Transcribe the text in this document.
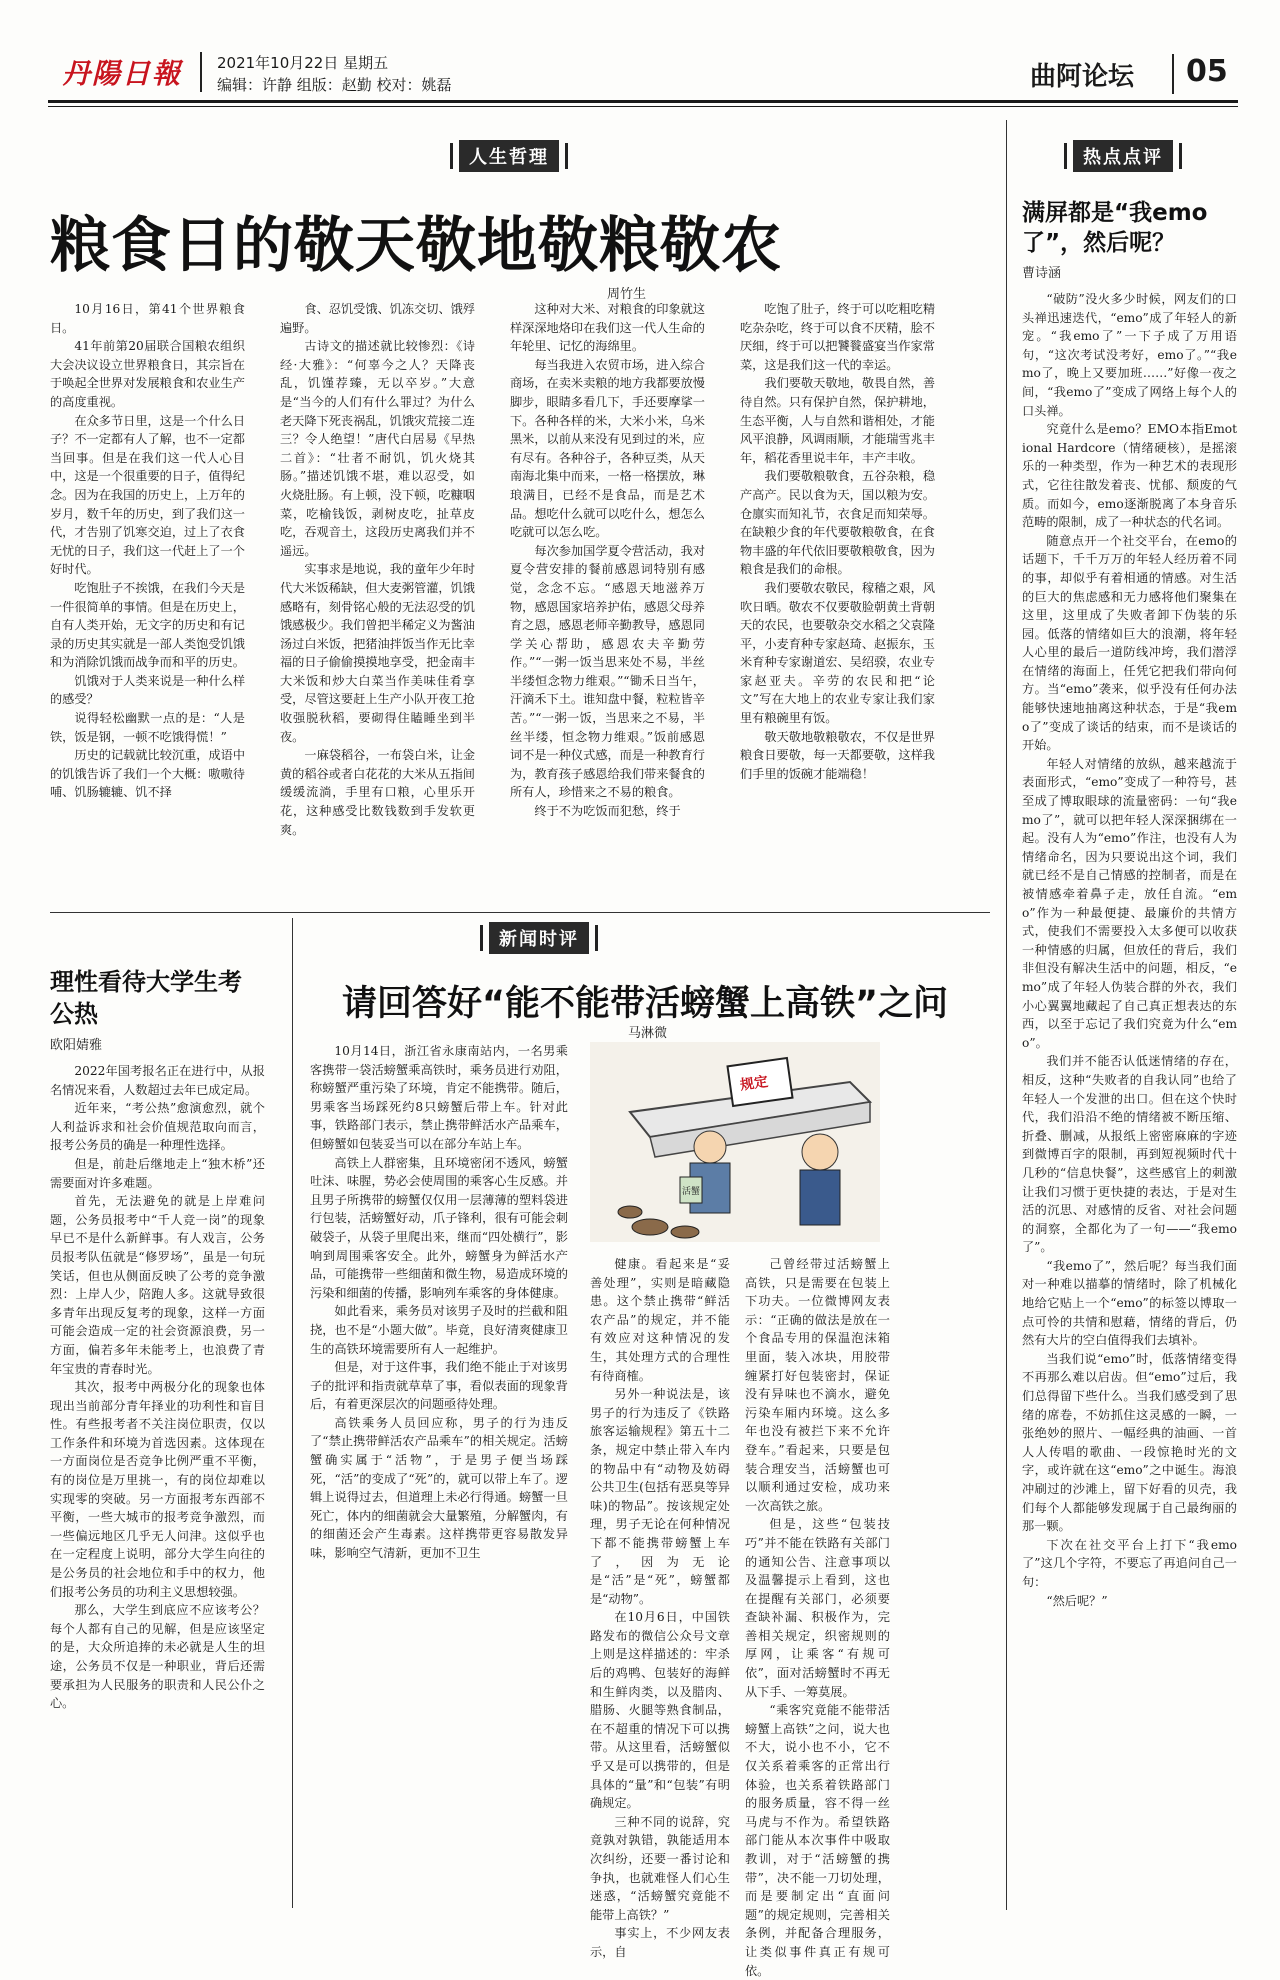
丹陽日報 2021年10月22日 星期五
编辑：许静 组版：赵勤 校对：姚磊	曲阿论坛 05
人生哲理
粮食日的敬天敬地敬粮敬农
周竹生

10月16日，第41个世界粮食日。

41年前第20届联合国粮农组织大会决议设立世界粮食日，其宗旨在于唤起全世界对发展粮食和农业生产的高度重视。

在众多节日里，这是一个什么日子？不一定都有人了解，也不一定都当回事。但是在我们这一代人心目中，这是一个很重要的日子，值得纪念。因为在我国的历史上，上万年的岁月，数千年的历史，到了我们这一代，才告别了饥寒交迫，过上了衣食无忧的日子，我们这一代赶上了一个好时代。

吃饱肚子不挨饿，在我们今天是一件很简单的事情。但是在历史上，自有人类开始，无文字的历史和有记录的历史其实就是一部人类饱受饥饿和为消除饥饿而战争而和平的历史。

饥饿对于人类来说是一种什么样的感受？

说得轻松幽默一点的是：“人是铁，饭是钢，一顿不吃饿得慌！”

历史的记载就比较沉重，成语中的饥饿告诉了我们一个大概：嗷嗷待哺、饥肠辘辘、饥不择

食、忍饥受饿、饥冻交切、饿殍遍野。

古诗文的描述就比较惨烈：《诗经·大雅》：“何辜今之人？天降丧乱，饥馑荐臻，无以卒岁。”大意是“当今的人们有什么罪过？为什么老天降下死丧祸乱，饥饿灾荒接二连三？令人绝望！”唐代白居易《早热二首》：“壮者不耐饥，饥火烧其肠。”描述饥饿不堪，难以忍受，如火烧肚肠。有上顿，没下顿，吃糠咽菜，吃榆钱饭，剥树皮吃，扯草皮吃，吞观音土，这段历史离我们并不遥远。

实事求是地说，我的童年少年时代大米饭稀缺，但大麦粥管灌，饥饿感略有，刻骨铭心般的无法忍受的饥饿感极少。我们曾把半稀定义为酱油汤过白米饭，把猪油拌饭当作无比幸福的日子偷偷摸摸地享受，把金南丰大米饭和炒大白菜当作美味佳肴享受，尽管这要赶上生产小队开夜工抢收强脱秋稻，要砌得住瞌睡坐到半夜。

一麻袋稻谷，一布袋白米，让金黄的稻谷或者白花花的大米从五指间缓缓流淌，手里有口粮，心里乐开花，这种感受比数钱数到手发软更爽。

这种对大米、对粮食的印象就这样深深地烙印在我们这一代人生命的年轮里、记忆的海绵里。

每当我进入农贸市场，进入综合商场，在卖米卖粮的地方我都要放慢脚步，眼睛多看几下，手还要摩挲一下。各种各样的米，大米小米，乌米黑米，以前从来没有见到过的米，应有尽有。各种谷子，各种豆类，从天南海北集中而来，一格一格摆放，琳琅满目，已经不是食品，而是艺术品。想吃什么就可以吃什么，想怎么吃就可以怎么吃。

每次参加国学夏令营活动，我对夏令营安排的餐前感恩词特别有感觉，念念不忘。“感恩天地滋养万物，感恩国家培养护佑，感恩父母养育之恩，感恩老师辛勤教导，感恩同学关心帮助，感恩农夫辛勤劳作。”“一粥一饭当思来处不易，半丝半缕恒念物力维艰。”“锄禾日当午，汗滴禾下土。谁知盘中餐，粒粒皆辛苦。”“一粥一饭，当思来之不易，半丝半缕，恒念物力维艰。”饭前感恩词不是一种仪式感，而是一种教育行为，教育孩子感恩给我们带来餐食的所有人，珍惜来之不易的粮食。

终于不为吃饭而犯愁，终于

吃饱了肚子，终于可以吃粗吃精吃杂杂吃，终于可以食不厌精，脍不厌细，终于可以把饕餮盛宴当作家常菜，这是我们这一代的幸运。

我们要敬天敬地，敬畏自然，善待自然。只有保护自然，保护耕地，生态平衡，人与自然和谐相处，才能风平浪静，风调雨顺，才能瑞雪兆丰年，稻花香里说丰年，丰产丰收。

我们要敬粮敬食，五谷杂粮，稳产高产。民以食为天，国以粮为安。仓廪实而知礼节，衣食足而知荣辱。在缺粮少食的年代要敬粮敬食，在食物丰盛的年代依旧要敬粮敬食，因为粮食是我们的命根。

我们要敬农敬民，稼穑之艰，风吹日晒。敬农不仅要敬脸朝黄土背朝天的农民，也要敬杂交水稻之父袁隆平，小麦育种专家赵琦、赵振东，玉米育种专家谢道宏、吴绍骙，农业专家赵亚夫。辛劳的农民和把“论文”写在大地上的农业专家让我们家里有粮碗里有饭。

敬天敬地敬粮敬农，不仅是世界粮食日要敬，每一天都要敬，这样我们手里的饭碗才能端稳！

热点点评
满屏都是“我emo了”，然后呢？
曹诗涵

“破防”没火多少时候，网友们的口头禅迅速迭代，“emo”成了年轻人的新宠。“我emo了”一下子成了万用语句，“这次考试没考好，emo了。”“我emo了，晚上又要加班……”好像一夜之间，“我emo了”变成了网络上每个人的口头禅。

究竟什么是emo？EMO本指Emotional Hardcore（情绪硬核），是摇滚乐的一种类型，作为一种艺术的表现形式，它往往散发着丧、忧郁、颓废的气质。而如今，emo逐渐脱离了本身音乐范畴的限制，成了一种状态的代名词。

随意点开一个社交平台，在emo的话题下，千千万万的年轻人经历着不同的事，却似乎有着相通的情感。对生活的巨大的焦虑感和无力感将他们聚集在这里，这里成了失败者卸下伪装的乐园。低落的情绪如巨大的浪潮，将年轻人心里的最后一道防线冲垮，我们潜浮在情绪的海面上，任凭它把我们带向何方。当“emo”袭来，似乎没有任何办法能够快速地抽离这种状态，于是“我emo了”变成了谈话的结束，而不是谈话的开始。

年轻人对情绪的放纵，越来越流于表面形式，“emo”变成了一种符号，甚至成了博取眼球的流量密码：一句“我emo了”，就可以把年轻人深深捆绑在一起。没有人为“emo”作注，也没有人为情绪命名，因为只要说出这个词，我们就已经不是自己情感的控制者，而是在被情感牵着鼻子走，放任自流。“emo”作为一种最便捷、最廉价的共情方式，使我们不需要投入太多便可以收获一种情感的归属，但放任的背后，我们非但没有解决生活中的问题，相反，“emo”成了年轻人伪装合群的外衣，我们小心翼翼地藏起了自己真正想表达的东西，以至于忘记了我们究竟为什么“emo”。

我们并不能否认低迷情绪的存在，相反，这种“失败者的自我认同”也给了年轻人一个发泄的出口。但在这个快时代，我们沿沿不绝的情绪被不断压缩、折叠、删减，从报纸上密密麻麻的字迹到微博百字的限制，再到短视频时代十几秒的“信息快餐”，这些感官上的刺激让我们习惯于更快捷的表达，于是对生活的沉思、对感情的反省、对社会问题的洞察，全都化为了一句——“我emo了”。

“我emo了”，然后呢？每当我们面对一种难以描摹的情绪时，除了机械化地给它贴上一个“emo”的标签以博取一点可怜的共情和慰藉，情绪的背后，仍然有大片的空白值得我们去填补。

当我们说“emo”时，低落情绪变得不再那么难以启齿。但“emo”过后，我们总得留下些什么。当我们感受到了思绪的席卷，不妨抓住这灵感的一瞬，一张绝妙的照片、一幅经典的油画、一首人人传唱的歌曲、一段惊艳时光的文字，或许就在这“emo”之中诞生。海浪冲刷过的沙滩上，留下好看的贝壳，我们每个人都能够发现属于自己最绚丽的那一颗。

下次在社交平台上打下“我emo了”这几个字符，不要忘了再追问自己一句：

“然后呢？”

理性看待大学生考公热
欧阳婧雅

2022年国考报名正在进行中，从报名情况来看，人数超过去年已成定局。

近年来，“考公热”愈演愈烈，就个人利益诉求和社会价值规范取向而言，报考公务员的确是一种理性选择。

但是，前赴后继地走上“独木桥”还需要面对许多难题。

首先，无法避免的就是上岸难问题，公务员报考中“千人竞一岗”的现象早已不是什么新鲜事。有人戏言，公务员报考队伍就是“修罗场”，虽是一句玩笑话，但也从侧面反映了公考的竞争激烈：上岸人少，陪跑人多。这就导致很多青年出现反复考的现象，这样一方面可能会造成一定的社会资源浪费，另一方面，偏若多年未能考上，也浪费了青年宝贵的青春时光。

其次，报考中两极分化的现象也体现出当前部分青年择业的功利性和盲目性。有些报考者不关注岗位职责，仅以工作条件和环境为首选因素。这体现在一方面岗位是否竞争比例严重不平衡，有的岗位是万里挑一，有的岗位却难以实现零的突破。另一方面报考东西部不平衡，一些大城市的报考竞争激烈，而一些偏远地区几乎无人问津。这似乎也在一定程度上说明，部分大学生向往的是公务员的社会地位和手中的权力，他们报考公务员的功利主义思想较强。

那么，大学生到底应不应该考公？每个人都有自己的见解，但是应该坚定的是，大众所追捧的未必就是人生的坦途，公务员不仅是一种职业，背后还需要承担为人民服务的职责和人民公仆之心。

新闻时评
请回答好“能不能带活螃蟹上高铁”之问
马淋微

10月14日，浙江省永康南站内，一名男乘客携带一袋活螃蟹乘高铁时，乘务员进行劝阻，称螃蟹严重污染了环境，肯定不能携带。随后，男乘客当场踩死约8只螃蟹后带上车。针对此事，铁路部门表示，禁止携带鲜活水产品乘车，但螃蟹如包装妥当可以在部分车站上车。

高铁上人群密集，且环境密闭不透风，螃蟹吐沫、味腥，势必会使周围的乘客心生反感。并且男子所携带的螃蟹仅仅用一层薄薄的塑料袋进行包装，活螃蟹好动，爪子锋利，很有可能会刺破袋子，从袋子里爬出来，继而“四处横行”，影响到周围乘客安全。此外，螃蟹身为鲜活水产品，可能携带一些细菌和微生物，易造成环境的污染和细菌的传播，影响列车乘客的身体健康。

如此看来，乘务员对该男子及时的拦截和阻挠，也不是“小题大做”。毕竟，良好清爽健康卫生的高铁环境需要所有人一起维护。

但是，对于这件事，我们绝不能止于对该男子的批评和指责就草草了事，看似表面的现象背后，有着更深层次的问题亟待处理。

高铁乘务人员回应称，男子的行为违反了“禁止携带鲜活农产品乘车”的相关规定。活螃蟹确实属于“活物”，于是男子便当场踩死，“活”的变成了“死”的，就可以带上车了。逻辑上说得过去，但道理上未必行得通。螃蟹一旦死亡，体内的细菌就会大量繁殖，分解蟹肉，有的细菌还会产生毒素。这样携带更容易散发异味，影响空气清新，更加不卫生

规定
活蟹

健康。看起来是“妥善处理”，实则是暗藏隐患。这个禁止携带“鲜活农产品”的规定，并不能有效应对这种情况的发生，其处理方式的合理性有待商榷。

另外一种说法是，该男子的行为违反了《铁路旅客运输规程》第五十二条，规定中禁止带入车内的物品中有“动物及妨碍公共卫生(包括有恶臭等异味)的物品”。按该规定处理，男子无论在何种情况下都不能携带螃蟹上车了，因为无论是“活”是“死”，螃蟹都是“动物”。

在10月6日，中国铁路发布的微信公众号文章上则是这样描述的：牢杀后的鸡鸭、包装好的海鲜和生鲜肉类，以及腊肉、腊肠、火腿等熟食制品，在不超重的情况下可以携带。从这里看，活螃蟹似乎又是可以携带的，但是具体的“量”和“包装”有明确规定。

三种不同的说辞，究竟孰对孰错，孰能适用本次纠纷，还要一番讨论和争执，也就难怪人们心生迷惑，“活螃蟹究竟能不能带上高铁？”

事实上，不少网友表示，自

己曾经带过活螃蟹上高铁，只是需要在包装上下功夫。一位微博网友表示：“正确的做法是放在一个食品专用的保温泡沫箱里面，装入冰块，用胶带缠紧打好包装密封，保证没有异味也不滴水，避免污染车厢内环境。这么多年也没有被拦下来不允许登车。”看起来，只要是包装合理安当，活螃蟹也可以顺利通过安检，成功来一次高铁之旅。

但是，这些“包装技巧”并不能在铁路有关部门的通知公告、注意事项以及温馨提示上看到，这也在提醒有关部门，必须要查缺补漏、积极作为，完善相关规定，织密规则的厚网，让乘客“有规可依”，面对活螃蟹时不再无从下手、一筹莫展。

“乘客究竟能不能带活螃蟹上高铁”之问，说大也不大，说小也不小，它不仅关系着乘客的正常出行体验，也关系着铁路部门的服务质量，容不得一丝马虎与不作为。希望铁路部门能从本次事件中吸取教训，对于“活螃蟹的携带”，决不能一刀切处理，而是要制定出“直面问题”的规定规则，完善相关条例，并配备合理服务，让类似事件真正有规可依。
